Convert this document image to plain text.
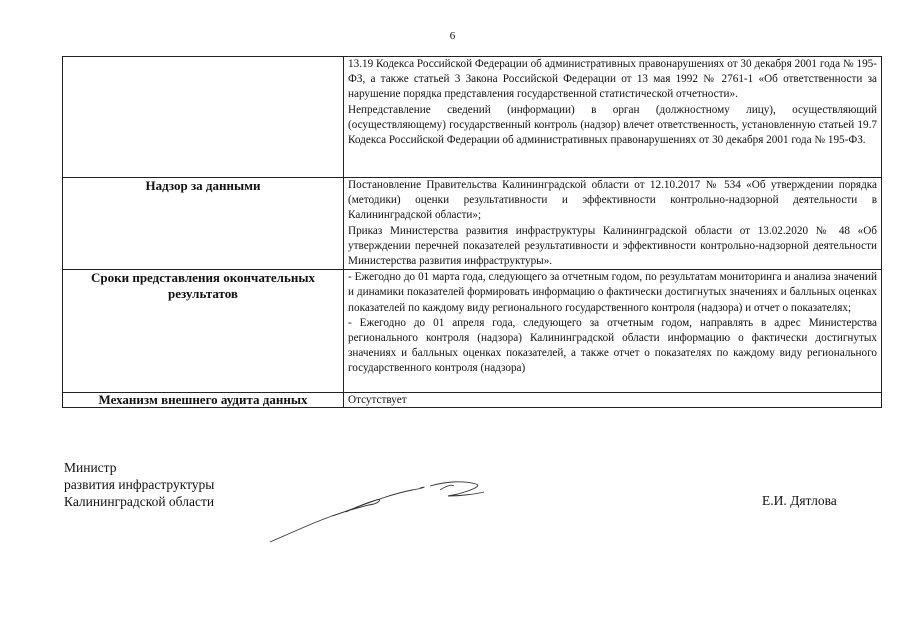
6

	13.19 Кодекса Российской Федерации об административных правонарушениях от 30 декабря 2001 года № 195-ФЗ, а также статьей 3 Закона Российской Федерации от 13 мая 1992 № 2761-1 «Об ответственности за нарушение порядка представления государственной статистической отчетности».

Непредставление сведений (информации) в орган (должностному лицу), осуществляющий (осуществляющему) государственный контроль (надзор) влечет ответственность, установленную статьей 19.7 Кодекса Российской Федерации об административных правонарушениях от 30 декабря 2001 года № 195-ФЗ.

Надзор за данными	Постановление Правительства Калининградской области от 12.10.2017 № 534 «Об утверждении порядка (методики) оценки результативности и эффективности контрольно-надзорной деятельности в Калининградской области»;

Приказ Министерства развития инфраструктуры Калининградской области от 13.02.2020 № 48 «Об утверждении перечней показателей результативности и эффективности контрольно-надзорной деятельности Министерства развития инфраструктуры».

Сроки представления окончательных результатов	- Ежегодно до 01 марта года, следующего за отчетным годом, по результатам мониторинга и анализа значений и динамики показателей формировать информацию о фактически достигнутых значениях и балльных оценках показателей по каждому виду регионального государственного контроля (надзора) и отчет о показателях;

- Ежегодно до 01 апреля года, следующего за отчетным годом, направлять в адрес Министерства регионального контроля (надзора) Калининградской области информацию о фактически достигнутых значениях и балльных оценках показателей, а также отчет о показателях по каждому виду регионального государственного контроля (надзора)

Механизм внешнего аудита данных	Отсутствует

Министр
развития инфраструктуры
Калининградской области	Е.И. Дятлова
